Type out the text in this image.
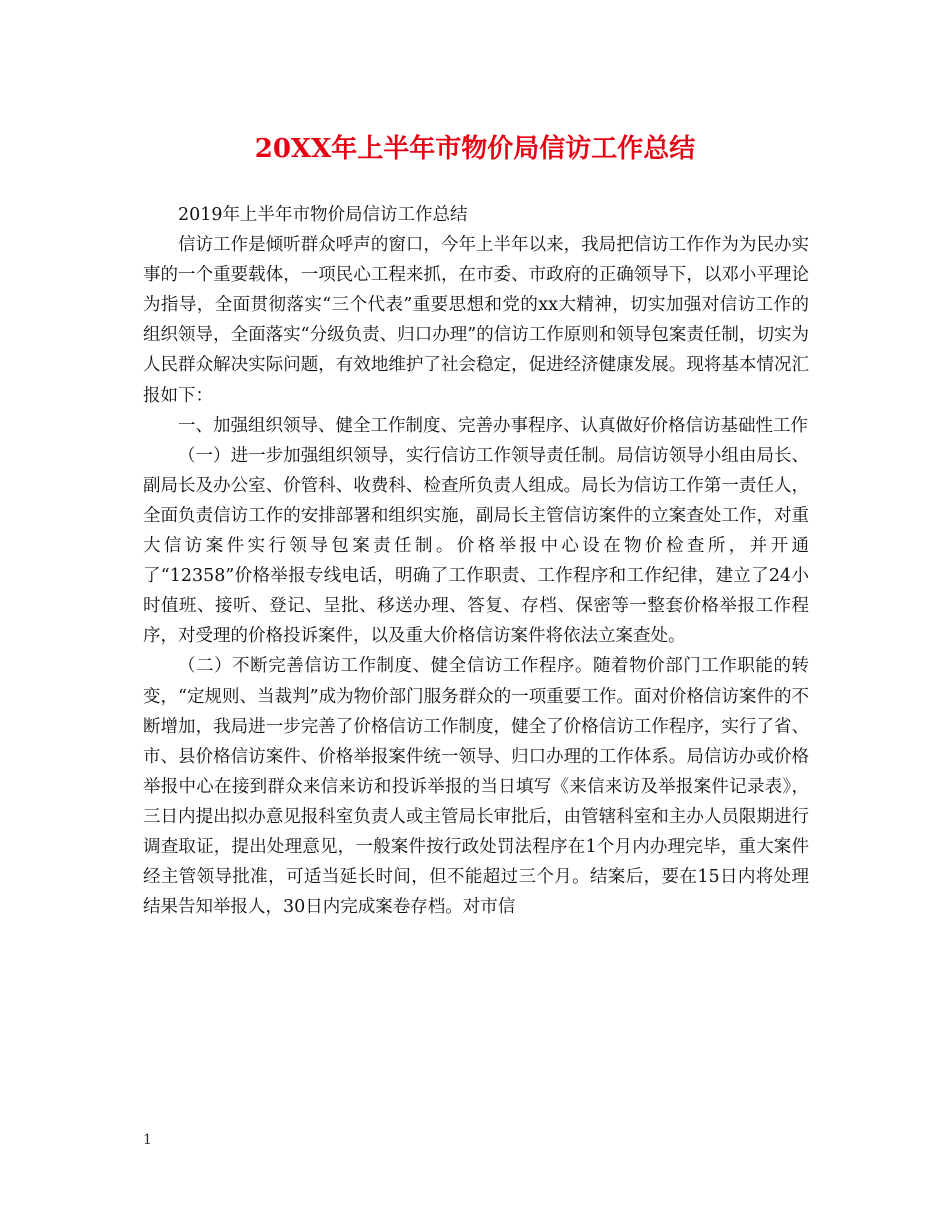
20XX年上半年市物价局信访工作总结

2019年上半年市物价局信访工作总结

信访工作是倾听群众呼声的窗口，今年上半年以来，我局把信访工作作为为民办实事的一个重要载体，一项民心工程来抓，在市委、市政府的正确领导下，以邓小平理论为指导，全面贯彻落实“三个代表”重要思想和党的xx大精神，切实加强对信访工作的组织领导，全面落实“分级负责、归口办理”的信访工作原则和领导包案责任制，切实为人民群众解决实际问题，有效地维护了社会稳定，促进经济健康发展。现将基本情况汇报如下：

一、加强组织领导、健全工作制度、完善办事程序、认真做好价格信访基础性工作

（一）进一步加强组织领导，实行信访工作领导责任制。局信访领导小组由局长、副局长及办公室、价管科、收费科、检查所负责人组成。局长为信访工作第一责任人，全面负责信访工作的安排部署和组织实施，副局长主管信访案件的立案查处工作，对重大信访案件实行领导包案责任制。价格举报中心设在物价检查所，并开通了“12358”价格举报专线电话，明确了工作职责、工作程序和工作纪律，建立了24小时值班、接听、登记、呈批、移送办理、答复、存档、保密等一整套价格举报工作程序，对受理的价格投诉案件，以及重大价格信访案件将依法立案查处。

（二）不断完善信访工作制度、健全信访工作程序。随着物价部门工作职能的转变，“定规则、当裁判”成为物价部门服务群众的一项重要工作。面对价格信访案件的不断增加，我局进一步完善了价格信访工作制度，健全了价格信访工作程序，实行了省、市、县价格信访案件、价格举报案件统一领导、归口办理的工作体系。局信访办或价格举报中心在接到群众来信来访和投诉举报的当日填写《来信来访及举报案件记录表》，三日内提出拟办意见报科室负责人或主管局长审批后，由管辖科室和主办人员限期进行调查取证，提出处理意见，一般案件按行政处罚法程序在1个月内办理完毕，重大案件经主管领导批准，可适当延长时间，但不能超过三个月。结案后，要在15日内将处理结果告知举报人，30日内完成案卷存档。对市信

1
